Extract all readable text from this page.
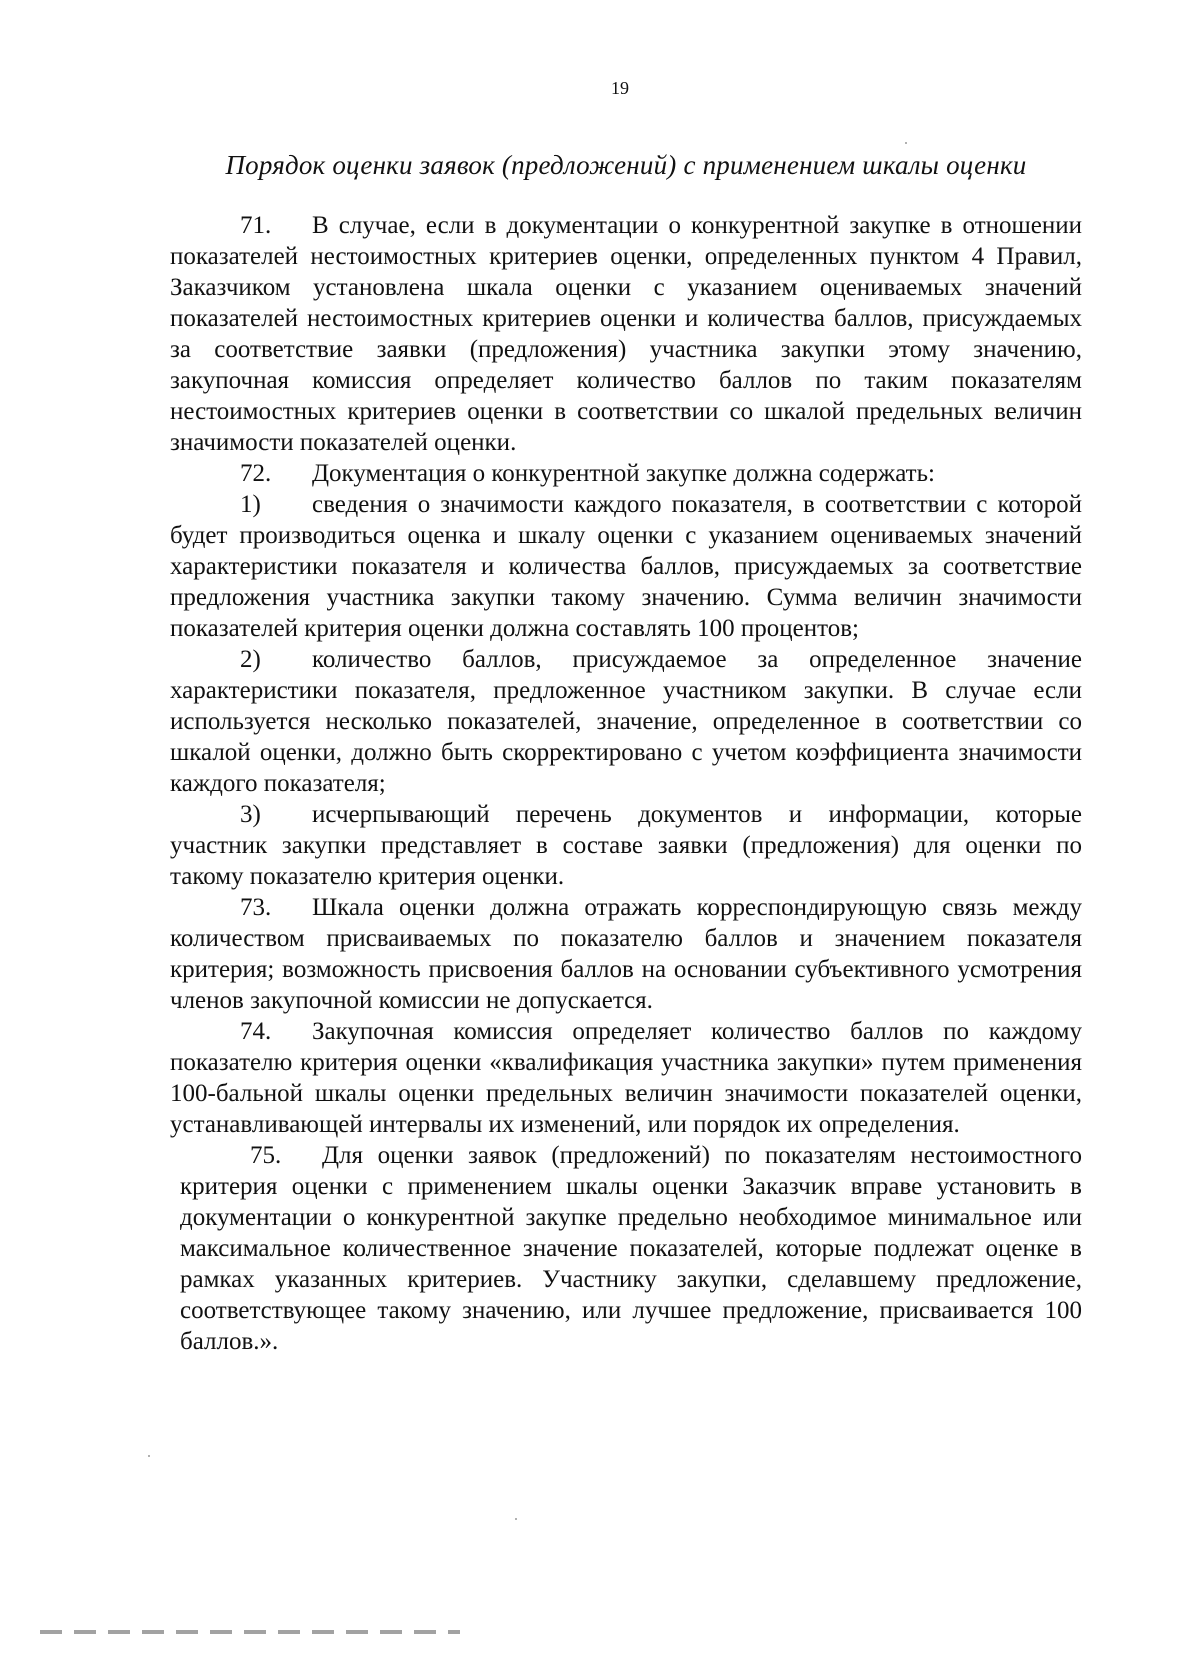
19
Порядок оценки заявок (предложений) с применением шкалы оценки

71. В случае, если в документации о конкурентной закупке в отношении показателей нестоимостных критериев оценки, определенных пунктом 4 Правил, Заказчиком установлена шкала оценки с указанием оцениваемых значений показателей нестоимостных критериев оценки и количества баллов, присуждаемых за соответствие заявки (предложения) участника закупки этому значению, закупочная комиссия определяет количество баллов по таким показателям нестоимостных критериев оценки в соответствии со шкалой предельных величин значимости показателей оценки.

72. Документация о конкурентной закупке должна содержать:

1) сведения о значимости каждого показателя, в соответствии с которой будет производиться оценка и шкалу оценки с указанием оцениваемых значений характеристики показателя и количества баллов, присуждаемых за соответствие предложения участника закупки такому значению. Сумма величин значимости показателей критерия оценки должна составлять 100 процентов;

2) количество баллов, присуждаемое за определенное значение характеристики показателя, предложенное участником закупки. В случае если используется несколько показателей, значение, определенное в соответствии со шкалой оценки, должно быть скорректировано с учетом коэффициента значимости каждого показателя;

3) исчерпывающий перечень документов и информации, которые участник закупки представляет в составе заявки (предложения) для оценки по такому показателю критерия оценки.

73. Шкала оценки должна отражать корреспондирующую связь между количеством присваиваемых по показателю баллов и значением показателя критерия; возможность присвоения баллов на основании субъективного усмотрения членов закупочной комиссии не допускается.

74. Закупочная комиссия определяет количество баллов по каждому показателю критерия оценки «квалификация участника закупки» путем применения 100-бальной шкалы оценки предельных величин значимости показателей оценки, устанавливающей интервалы их изменений, или порядок их определения.

75. Для оценки заявок (предложений) по показателям нестоимостного критерия оценки с применением шкалы оценки Заказчик вправе установить в документации о конкурентной закупке предельно необходимое минимальное или максимальное количественное значение показателей, которые подлежат оценке в рамках указанных критериев. Участнику закупки, сделавшему предложение, соответствующее такому значению, или лучшее предложение, присваивается 100 баллов.».
